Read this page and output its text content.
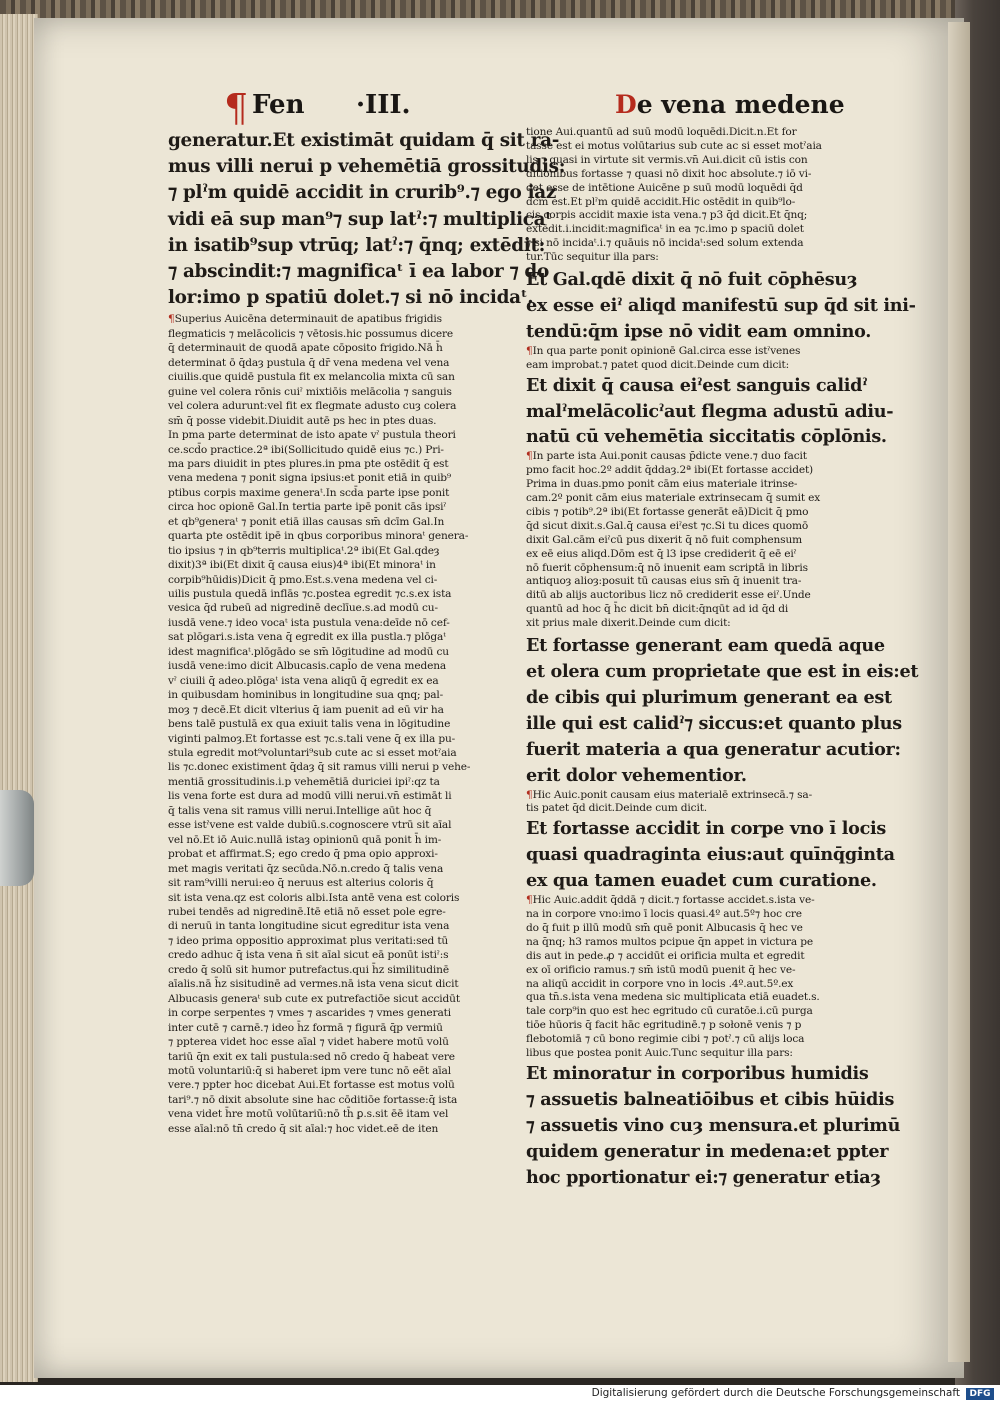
¶ Fen ·III.	De vena medene
generatur.Et existimāt quidam q̄ sit ra-
mus villi nerui p vehemētiā grossitudis:
⁊ plˀm quidē accidit in crurib⁹.⁊ ego iaz
vidi eā sup man⁹⁊ sup latˀ:⁊ multiplicaᵗ
in isatib⁹sup vtrūq; latˀ:⁊ q̄nq; extēdit:
⁊ abscindit:⁊ magnificaᵗ ī ea labor ⁊ do
lor:imo p spatiū dolet.⁊ si nō incidaᵗ.
¶Superius Auicēna determinauit de apatibus frigidis
flegmaticis ⁊ melācolicis ⁊ vētosis.hic possumus dicere
q̄ determinauit de quodā apate cōposito frigido.Nā h̄
determinat ō q̄daȝ pustula q̄ dr̄ vena medena vel vena
ciuilis.que quidē pustula fit ex melancolia mixta cū san
guine vel colera rōnis cuiˀ mixtiōis melācolia ⁊ sanguis
vel colera adurunt:vel fit ex flegmate adusto cuȝ colera
sm̄ q̄ posse videbit.Diuidit autē ps hec in ptes duas.
In pma parte determinat de isto apate vˀ pustula theori
ce.scd̄o practice.2ª ibi(Sollicitudo quidē eius ⁊c.) Pri-
ma pars diuidit in ptes plures.in pma pte ostēdit q̄ est
vena medena ⁊ ponit signa ipsius:et ponit etiā in quib⁹
ptibus corpis maxime generaᵗ.In scd̄a parte ipse ponit
circa hoc opionē Gal.In tertia parte ipē ponit cās ipsiˀ
et qb⁹generaᵗ ⁊ ponit etiā illas causas sm̄ dcīm Gal.In
quarta pte ostēdit ipē in qbus corporibus minoraᵗ genera-
tio ipsius ⁊ in qb⁹terris multiplicaᵗ.2ª ibi(Et Gal.qdeȝ
dixit)3ª ibi(Et dixit q̄ causa eius)4ª ibi(Et minoraᵗ in
corpib⁹hūidis)Dicit q̄ pmo.Est.s.vena medena vel ci-
uilis pustula quedā inflās ⁊c.postea egredit ⁊c.s.ex ista
vesica q̄d rubeū ad nigredinē declīue.s.ad modū cu-
iusdā vene.⁊ ideo vocaᵗ ista pustula vena:deīde nō cef-
sat plōgari.s.ista vena q̄ egredit ex illa pustla.⁊ plōgaᵗ
idest magnificaᵗ.plōgādo se sm̄ lōgitudine ad modū cu
iusdā vene:imo dicit Albucasis.capl̄o de vena medena
vˀ ciuili q̄ adeo.plōgaᵗ ista vena aliqū q̄ egredit ex ea
in quibusdam hominibus in longitudine sua qnq; pal-
moȝ ⁊ decē.Et dicit vlterius q̄ iam puenit ad eū vir ha
bens talē pustulā ex qua exiuit talis vena in lōgitudine
viginti palmoȝ.Et fortasse est ⁊c.s.tali vene q̄ ex illa pu-
stula egredit mot⁹voluntari⁹sub cute ac si esset motˀaia
lis ⁊c.donec existiment q̄daȝ q̄ sit ramus villi nerui p vehe-
mentiā grossitudinis.i.p vehemētiā duriciei ipiˀ:qz ta
lis vena forte est dura ad modū villi nerui.vn̄ estimāt li
q̄ talis vena sit ramus villi nerui.Intellige aūt hoc q̄
esse istˀvene est valde dubiū.s.cognoscere vtrū sit aīal
vel nō.Et iō Auic.nullā istaȝ opinionū quā ponit h̄ im-
probat et affirmat.S; ego credo q̄ pma opio approxi-
met magis veritati q̄z secūda.Nō.n.credo q̄ talis vena
sit ram⁹villi nerui:eo q̄ neruus est alterius coloris q̄
sit ista vena.qz est coloris albi.Ista antē vena est coloris
rubei tendēs ad nigredinē.Itē etiā nō esset pole egre-
di neruū in tanta longitudine sicut egreditur ista vena
⁊ ideo prima oppositio approximat plus veritati:sed tū
credo adhuc q̄ ista vena n̄ sit aīal sicut eā ponūt istiˀ:s
credo q̄ solū sit humor putrefactus.qui h̄z similitudinē
aīalis.nā h̄z sisitudinē ad vermes.nā ista vena sicut dicit
Albucasis generaᵗ sub cute ex putrefactiōe sicut accidūt
in corpe serpentes ⁊ vmes ⁊ ascarides ⁊ vmes generati
inter cutē ⁊ carnē.⁊ ideo h̄z formā ⁊ figurā q̄p vermiū
⁊ pptereа videt hoc esse aīal ⁊ videt habere motū volū
tariū q̄n exit ex tali pustula:sed nō credo q̄ habeat vere
motū voluntariū:q̄ si haberet ipm vere tunc nō eēt aīal
vere.⁊ ppter hoc dicebat Aui.Et fortasse est motus volū
tari⁹.⁊ nō dixit absolute sine hac cōditiōe fortasse:q̄ ista
vena videt h̄re motū volūtariū:nō th̄ ꝑ.s.sit ēē itam vel
esse aīal:nō tn̄ credo q̄ sit aīal:⁊ hoc videt.eē de iten
tione Aui.quantū ad suū modū loquēdi.Dicit.n.Et for
tasse est ei motus volūtarius sub cute ac si esset motˀaia
lis ⁊ quasi in virtute sit vermis.vn̄ Aui.dicit cū istis con
ditionibus fortasse ⁊ quasi nō dixit hoc absolute.⁊ iō vi-
det esse de intētione Auicēne p suū modū loquēdi q̄d
dcm̄ est.Et plˀm quidē accidit.Hic ostēdit in quib⁹lo-
cis corpis accidit maxie ista vena.⁊ p3 q̄d dicit.Et q̄nq;
extēdit.i.incidit:magnificaᵗ in ea ⁊c.imo p spaciū dolet
⁊ si nō incidaᵗ.i.⁊ quāuis nō incidaᵗ:sed solum extenda
tur.Tūc sequitur illa pars:
Et Gal.qdē dixit q̄ nō fuit cōphēsuȝ
ex esse eiˀ aliqd manifestū sup q̄d sit ini-
tendū:q̄m ipse nō vidit eam omnino.
¶In qua parte ponit opinionē Gal.circa esse istˀvenes
eam improbat.⁊ patet quod dicit.Deinde cum dicit:
Et dixit q̄ causa eiˀest sanguis calidˀ
malˀmelācolicˀaut flegma adustū adiu-
natū cū vehemētia siccitatis cōplōnis.
¶In parte ista Aui.ponit causas p̄dicte vene.⁊ duo facit
pmo facit hoc.2º addit q̄ddaȝ.2ª ibi(Et fortasse accidet)
Prima in duas.pmo ponit cām eius materiale itrinse-
cam.2º ponit cām eius materiale extrinsecam q̄ sumit ex
cibis ⁊ potib⁹.2ª ibi(Et fortasse generāt eā)Dicit q̄ pmo
q̄d sicut dixit.s.Gal.q̄ causa eiˀest ⁊c.Si tu dices quomō
dixit Gal.cām eiˀcū pus dixerit q̄ nō fuit comphensum
ex eē eius aliqd.Dōm est q̄ l3 ipse crediderit q̄ eē eiˀ
nō fuerit cōphensum:q̄ nō inuenit eam scriptā in libris
antiquoȝ alioȝ:posuit tū causas eius sm̄ q̄ inuenit tra-
ditū ab alijs auctoribus licz nō crediderit esse eiˀ.Unde
quantū ad hoc q̄ h̄c dicit bn̄ dicit:q̄nqūt ad id q̄d di
xit prius male dixerit.Deinde cum dicit:
Et fortasse generant eam quedā aque
et olera cum proprietate que est in eis:et
de cibis qui plurimum generant ea est
ille qui est calidˀ⁊ siccus:et quanto plus
fuerit materia a qua generatur acutior:
erit dolor vehementior.
¶Hic Auic.ponit causam eius materialē extrinsecā.⁊ sa-
tis patet q̄d dicit.Deinde cum dicit.
Et fortasse accidit in corpe vno ī locis
quasi quadraginta eius:aut quīnq̄ginta
ex qua tamen euadet cum curatione.
¶Hic Auic.addit q̄ddā ⁊ dicit.⁊ fortasse accidet.s.ista ve-
na in corpore vno:imo ī locis quasi.4º aut.5º⁊ hoc cre
do q̄ fuit p illū modū sm̄ quē ponit Albucasis q̄ hec ve
na q̄nq; h3 ramos multos pcipue q̄n appet in victura pe
dis aut in pede.ꝓ ⁊ accidūt ei orificia multa et egredit
ex oī orificio ramus.⁊ sm̄ istū modū puenit q̄ hec ve-
na aliqū accidit in corpore vno in locis .4º.aut.5º.ex
qua tn̄.s.ista vena medena sic multiplicata etiā euadet.s.
tale corp⁹in quo est hec egritudo cū curatōe.i.cū purga
tiōe hūoris q̄ facit hāc egritudinē.⁊ p sołonē venis ⁊ p
flebotomiā ⁊ cū bono regimie cibi ⁊ potˀ.⁊ cū alijs loca
libus que postea ponit Auic.Tunc sequitur illa pars:
Et minoratur in corporibus humidis
⁊ assuetis balneatiōibus et cibis hūidis
⁊ assuetis vino cuȝ mensura.et plurimū
quidem generatur in medena:et ppter
hoc pportionatur ei:⁊ generatur etiaȝ
Digitalisierung gefördert durch die Deutsche Forschungsgemeinschaft	DFG
